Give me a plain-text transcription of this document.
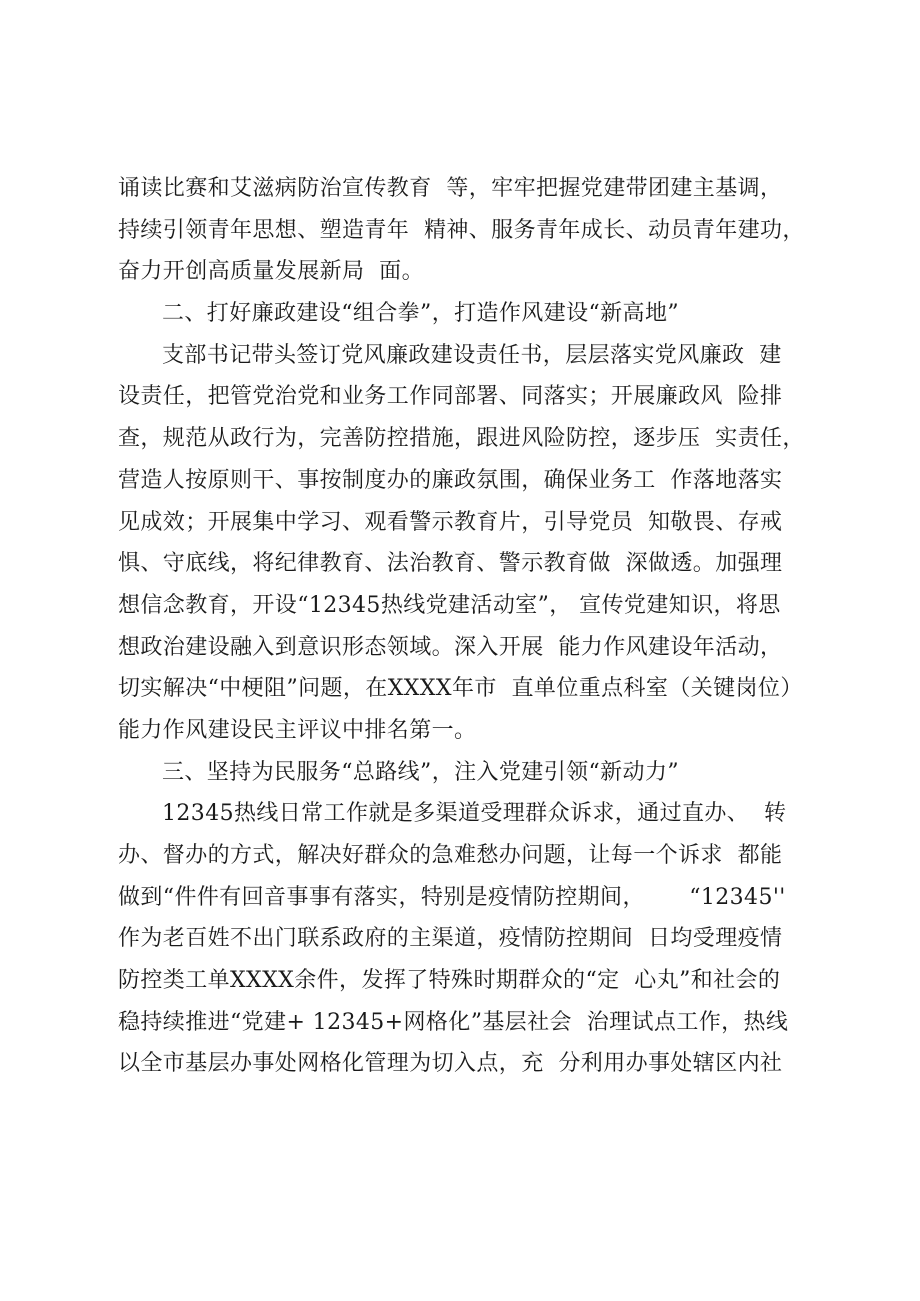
诵读比赛和艾滋病防治宣传教育  等，牢牢把握党建带团建主基调，
持续引领青年思想、塑造青年  精神、服务青年成长、动员青年建功，
奋力开创高质量发展新局  面。
二、打好廉政建设“组合拳”，打造作风建设“新高地”
支部书记带头签订党风廉政建设责任书，层层落实党风廉政  建
设责任，把管党治党和业务工作同部署、同落实；开展廉政风  险排
查，规范从政行为，完善防控措施，跟进风险防控，逐步压  实责任，
营造人按原则干、事按制度办的廉政氛围，确保业务工  作落地落实
见成效；开展集中学习、观看警示教育片，引导党员  知敬畏、存戒
惧、守底线，将纪律教育、法治教育、警示教育做  深做透。加强理
想信念教育，开设“12345热线党建活动室”， 宣传党建知识，将思
想政治建设融入到意识形态领域。深入开展  能力作风建设年活动，
切实解决“中梗阻”问题，在XXXX年市  直单位重点科室（关键岗位）
能力作风建设民主评议中排名第一。
三、坚持为民服务“总路线”，注入党建引领“新动力”
12345热线日常工作就是多渠道受理群众诉求，通过直办、  转
办、督办的方式，解决好群众的急难愁办问题，让每一个诉求  都能
做到“件件有回音事事有落实，特别是疫情防控期间，      “12345''
作为老百姓不出门联系政府的主渠道，疫情防控期间  日均受理疫情
防控类工单XXXX余件，发挥了特殊时期群众的“定  心丸”和社会的
稳持续推进“党建+ 12345+网格化”基层社会  治理试点工作，热线
以全市基层办事处网格化管理为切入点，充  分利用办事处辖区内社
